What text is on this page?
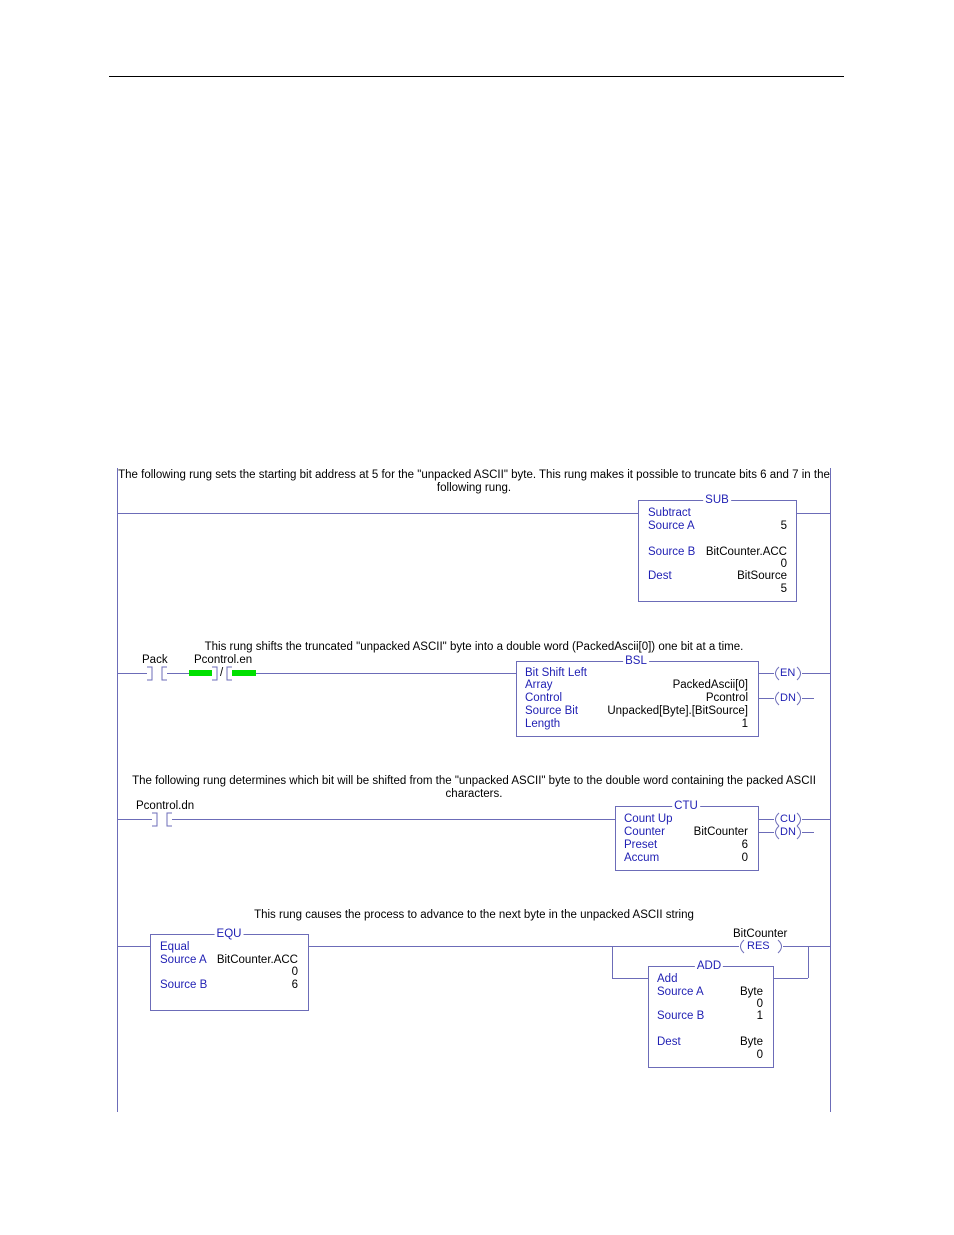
The following rung sets the starting bit address at 5 for the "unpacked ASCII" byte. This rung makes it possible to truncate bits 6 and 7 in the following rung.
SUB
Subtract
Source A	5
Source B BitCounter.ACC
0
Dest	BitSource
5
This rung shifts the truncated "unpacked ASCII" byte into a double word (PackedAscii[0]) one bit at a time.
Pack Pcontrol.en
/
BSL
Bit Shift Left
Array	PackedAscii[0]
Control	Pcontrol
Source Bit	Unpacked[Byte].[BitSource]
Length	1
EN
DN
The following rung determines which bit will be shifted from the "unpacked ASCII" byte to the double word containing the packed ASCII characters.
Pcontrol.dn	CTU
Count Up
Counter BitCounter
Preset	6
Accum	0
CU
DN
This rung causes the process to advance to the next byte in the unpacked ASCII string
EQU
Equal
Source A BitCounter.ACC
0
Source B	6
BitCounter
RES
ADD
Add
Source A	Byte
0
Source B	1
Dest	Byte
0
